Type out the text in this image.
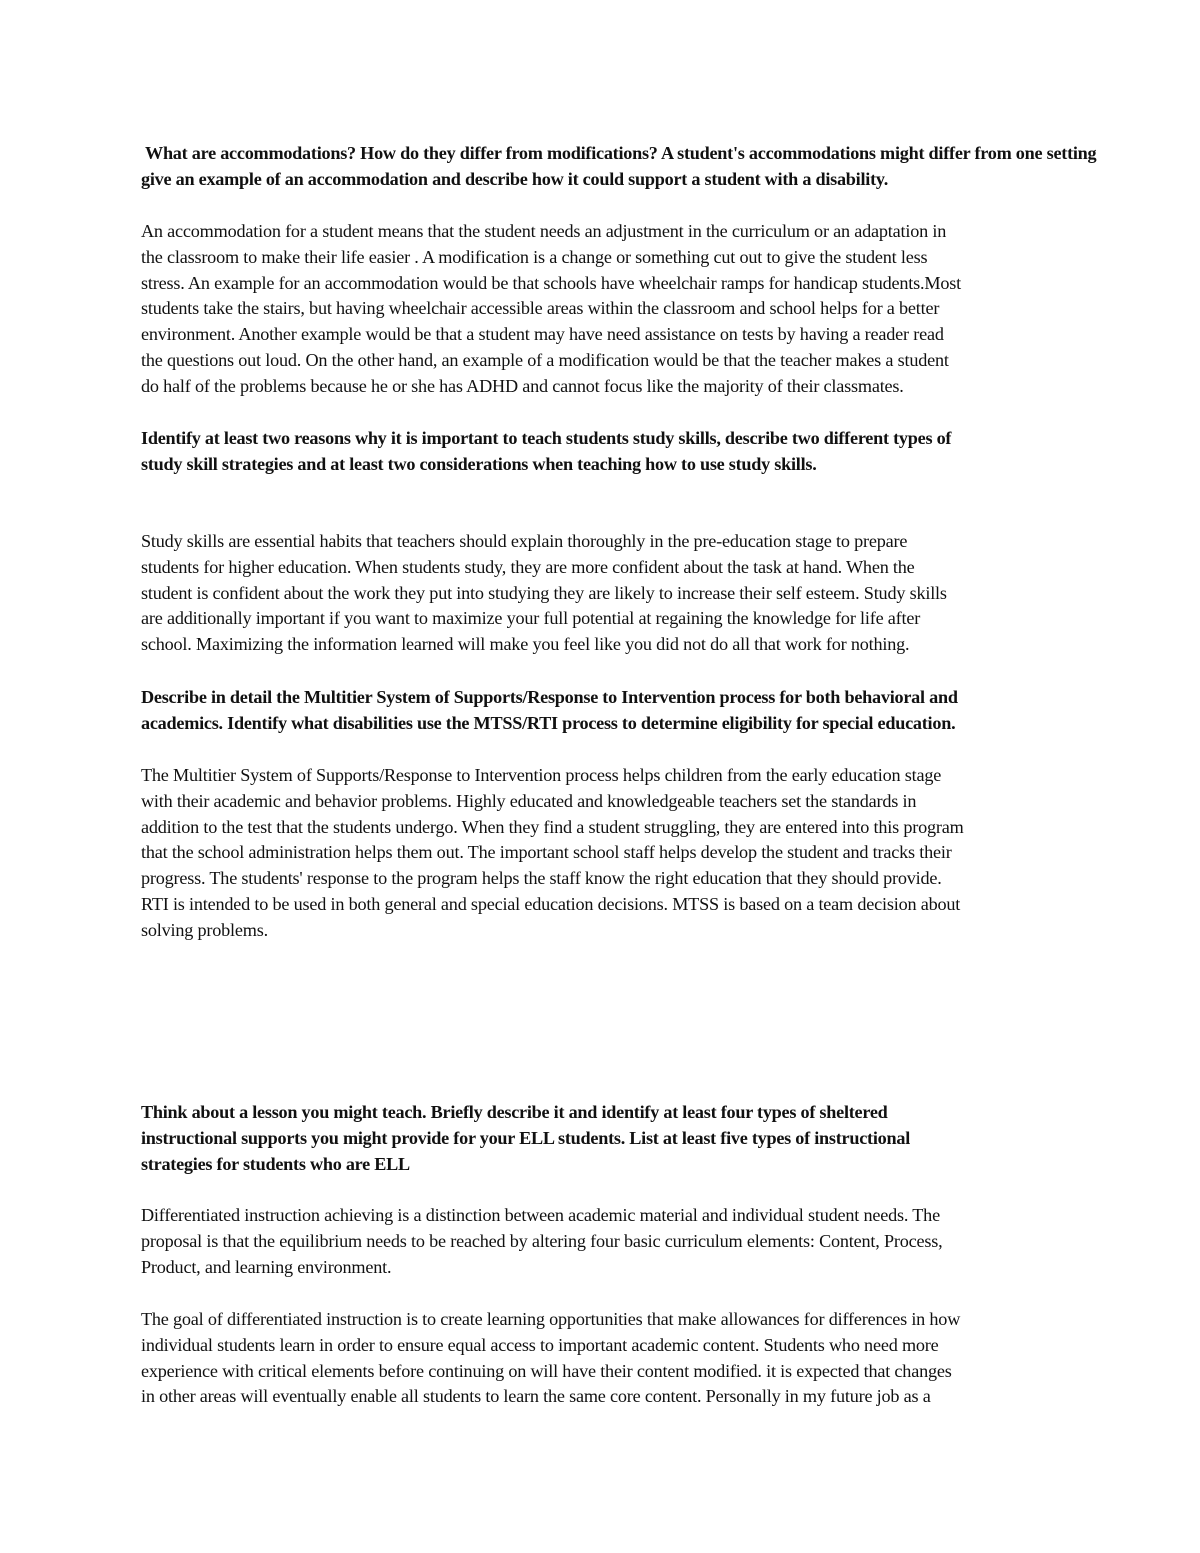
What are accommodations? How do they differ from modifications? A student's accommodations might differ from one setting

give an example of an accommodation and describe how it could support a student with a disability.

An accommodation for a student means that the student needs an adjustment in the curriculum or an adaptation in
the classroom to make their life easier . A modification is a change or something cut out to give the student less
stress. An example for an accommodation would be that schools have wheelchair ramps for handicap students.Most
students take the stairs, but having wheelchair accessible areas within the classroom and school helps for a better
environment. Another example would be that a student may have need assistance on tests by having a reader read
the questions out loud. On the other hand, an example of a modification would be that the teacher makes a student
do half of the problems because he or she has ADHD and cannot focus like the majority of their classmates.

Identify at least two reasons why it is important to teach students study skills, describe two different types of
study skill strategies and at least two considerations when teaching how to use study skills.

Study skills are essential habits that teachers should explain thoroughly in the pre-education stage to prepare
students for higher education. When students study, they are more confident about the task at hand. When the
student is confident about the work they put into studying they are likely to increase their self esteem. Study skills
are additionally important if you want to maximize your full potential at regaining the knowledge for life after
school. Maximizing the information learned will make you feel like you did not do all that work for nothing.

Describe in detail the Multitier System of Supports/Response to Intervention process for both behavioral and
academics. Identify what disabilities use the MTSS/RTI process to determine eligibility for special education.

The Multitier System of Supports/Response to Intervention process helps children from the early education stage
with their academic and behavior problems. Highly educated and knowledgeable teachers set the standards in
addition to the test that the students undergo. When they find a student struggling, they are entered into this program
that the school administration helps them out. The important school staff helps develop the student and tracks their
progress. The students' response to the program helps the staff know the right education that they should provide.
RTI is intended to be used in both general and special education decisions. MTSS is based on a team decision about
solving problems.

Think about a lesson you might teach. Briefly describe it and identify at least four types of sheltered
instructional supports you might provide for your ELL students. List at least five types of instructional
strategies for students who are ELL

Differentiated instruction achieving is a distinction between academic material and individual student needs. The
proposal is that the equilibrium needs to be reached by altering four basic curriculum elements: Content, Process,
Product, and learning environment.

The goal of differentiated instruction is to create learning opportunities that make allowances for differences in how
individual students learn in order to ensure equal access to important academic content. Students who need more
experience with critical elements before continuing on will have their content modified. it is expected that changes
in other areas will eventually enable all students to learn the same core content. Personally in my future job as a
